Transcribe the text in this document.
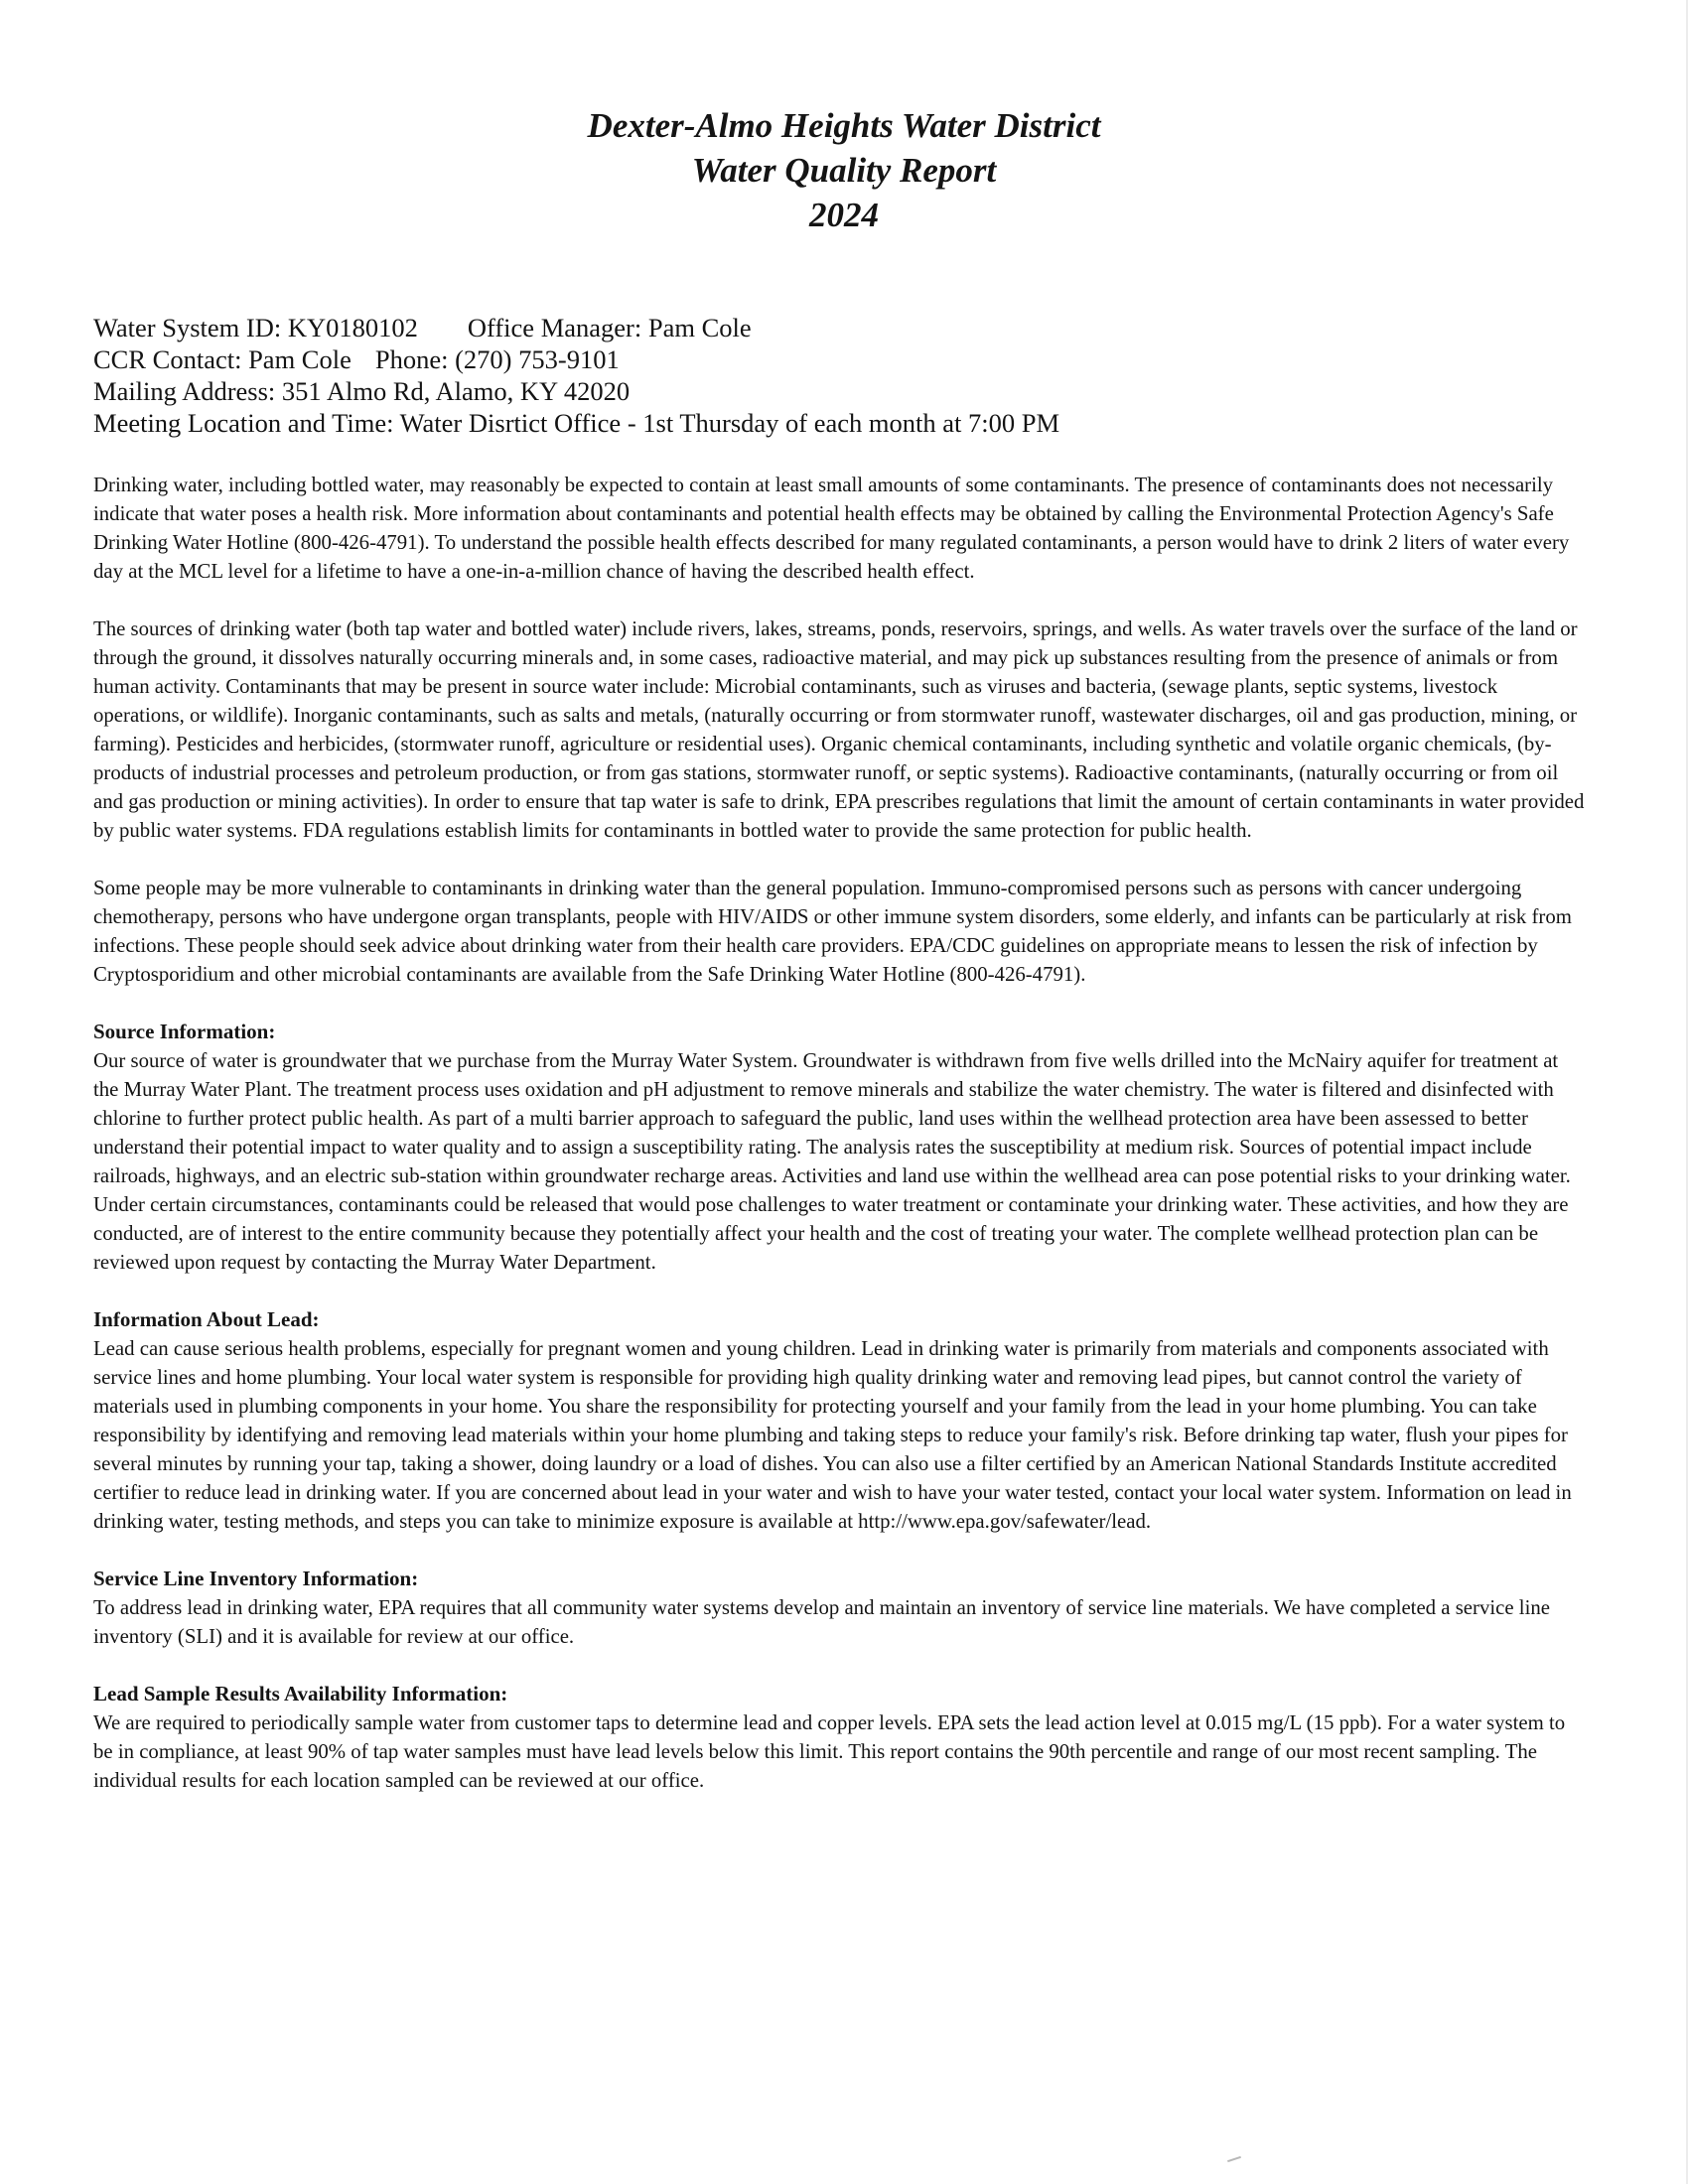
Dexter-Almo Heights Water District
Water Quality Report
2024
Water System ID: KY0180102 Office Manager: Pam Cole
CCR Contact: Pam Cole Phone: (270) 753-9101
Mailing Address: 351 Almo Rd, Alamo, KY 42020
Meeting Location and Time: Water Disrtict Office - 1st Thursday of each month at 7:00 PM

Drinking water, including bottled water, may reasonably be expected to contain at least small amounts of some contaminants. The presence of contaminants does not necessarily indicate that water poses a health risk. More information about contaminants and potential health effects may be obtained by calling the Environmental Protection Agency's Safe Drinking Water Hotline (800-426-4791). To understand the possible health effects described for many regulated contaminants, a person would have to drink 2 liters of water every day at the MCL level for a lifetime to have a one-in-a-million chance of having the described health effect.

The sources of drinking water (both tap water and bottled water) include rivers, lakes, streams, ponds, reservoirs, springs, and wells. As water travels over the surface of the land or through the ground, it dissolves naturally occurring minerals and, in some cases, radioactive material, and may pick up substances resulting from the presence of animals or from human activity. Contaminants that may be present in source water include: Microbial contaminants, such as viruses and bacteria, (sewage plants, septic systems, livestock operations, or wildlife). Inorganic contaminants, such as salts and metals, (naturally occurring or from stormwater runoff, wastewater discharges, oil and gas production, mining, or farming). Pesticides and herbicides, (stormwater runoff, agriculture or residential uses). Organic chemical contaminants, including synthetic and volatile organic chemicals, (by-products of industrial processes and petroleum production, or from gas stations, stormwater runoff, or septic systems). Radioactive contaminants, (naturally occurring or from oil and gas production or mining activities). In order to ensure that tap water is safe to drink, EPA prescribes regulations that limit the amount of certain contaminants in water provided by public water systems. FDA regulations establish limits for contaminants in bottled water to provide the same protection for public health.

Some people may be more vulnerable to contaminants in drinking water than the general population. Immuno-compromised persons such as persons with cancer undergoing chemotherapy, persons who have undergone organ transplants, people with HIV/AIDS or other immune system disorders, some elderly, and infants can be particularly at risk from infections. These people should seek advice about drinking water from their health care providers. EPA/CDC guidelines on appropriate means to lessen the risk of infection by Cryptosporidium and other microbial contaminants are available from the Safe Drinking Water Hotline (800-426-4791).

Source Information:
Our source of water is groundwater that we purchase from the Murray Water System. Groundwater is withdrawn from five wells drilled into the McNairy aquifer for treatment at the Murray Water Plant. The treatment process uses oxidation and pH adjustment to remove minerals and stabilize the water chemistry. The water is filtered and disinfected with chlorine to further protect public health. As part of a multi barrier approach to safeguard the public, land uses within the wellhead protection area have been assessed to better understand their potential impact to water quality and to assign a susceptibility rating. The analysis rates the susceptibility at medium risk. Sources of potential impact include railroads, highways, and an electric sub-station within groundwater recharge areas. Activities and land use within the wellhead area can pose potential risks to your drinking water. Under certain circumstances, contaminants could be released that would pose challenges to water treatment or contaminate your drinking water. These activities, and how they are conducted, are of interest to the entire community because they potentially affect your health and the cost of treating your water. The complete wellhead protection plan can be reviewed upon request by contacting the Murray Water Department.
Information About Lead:
Lead can cause serious health problems, especially for pregnant women and young children. Lead in drinking water is primarily from materials and components associated with service lines and home plumbing. Your local water system is responsible for providing high quality drinking water and removing lead pipes, but cannot control the variety of materials used in plumbing components in your home. You share the responsibility for protecting yourself and your family from the lead in your home plumbing. You can take responsibility by identifying and removing lead materials within your home plumbing and taking steps to reduce your family's risk. Before drinking tap water, flush your pipes for several minutes by running your tap, taking a shower, doing laundry or a load of dishes. You can also use a filter certified by an American National Standards Institute accredited certifier to reduce lead in drinking water. If you are concerned about lead in your water and wish to have your water tested, contact your local water system. Information on lead in drinking water, testing methods, and steps you can take to minimize exposure is available at http://www.epa.gov/safewater/lead.
Service Line Inventory Information:
To address lead in drinking water, EPA requires that all community water systems develop and maintain an inventory of service line materials. We have completed a service line inventory (SLI) and it is available for review at our office.
Lead Sample Results Availability Information:
We are required to periodically sample water from customer taps to determine lead and copper levels. EPA sets the lead action level at 0.015 mg/L (15 ppb). For a water system to be in compliance, at least 90% of tap water samples must have lead levels below this limit. This report contains the 90th percentile and range of our most recent sampling. The individual results for each location sampled can be reviewed at our office.
